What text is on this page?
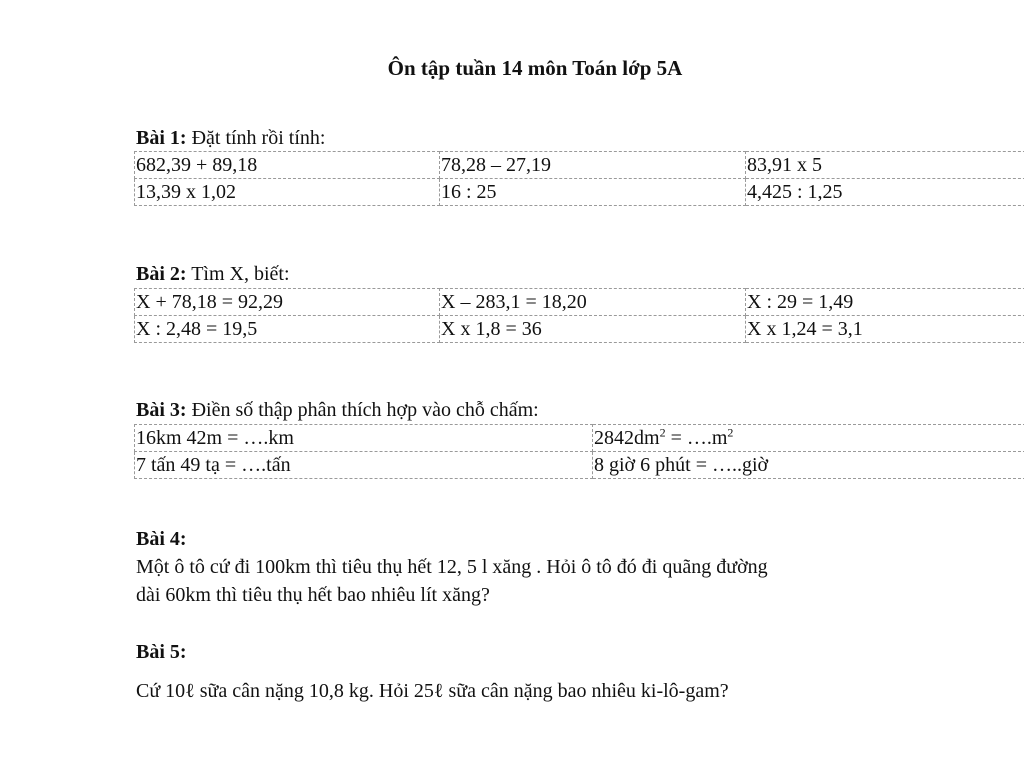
Ôn tập tuần 14 môn Toán lớp 5A
Bài 1: Đặt tính rồi tính:
682,39 + 89,18	78,28 – 27,19	83,91 x 5
13,39 x 1,02	16 : 25	4,425 : 1,25
Bài 2: Tìm X, biết:
X + 78,18 = 92,29	X – 283,1 = 18,20	X : 29 = 1,49
X : 2,48 = 19,5	X x 1,8 = 36	X x 1,24 = 3,1
Bài 3: Điền số thập phân thích hợp vào chỗ chấm:
16km 42m = ….km	$2842dm^2$ = $\dots.m^2$
7 tấn 49 tạ = ….tấn	8 giờ 6 phút = …..giờ
Bài 4:
Một ô tô cứ đi 100km thì tiêu thụ hết 12, 5 l xăng . Hỏi ô tô đó đi quãng đường
dài 60km thì tiêu thụ hết bao nhiêu lít xăng?
Bài 5:
Cứ 10ℓ sữa cân nặng 10,8 kg. Hỏi 25ℓ sữa cân nặng bao nhiêu ki-lô-gam?
